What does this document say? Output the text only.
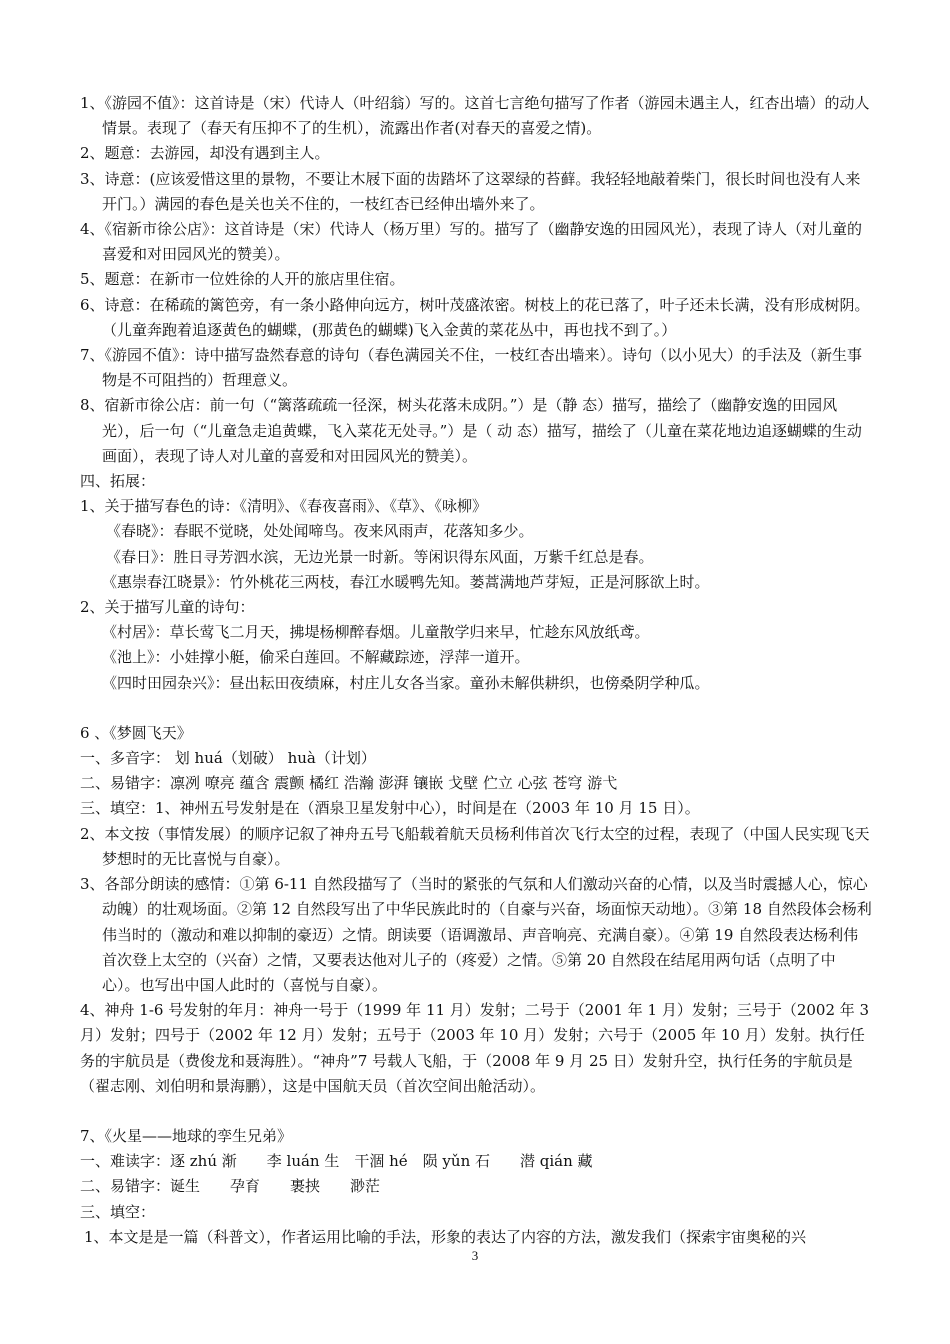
1、《游园不值》：这首诗是（宋）代诗人（叶绍翁）写的。这首七言绝句描写了作者（游园未遇主人，红杏出墙）的动人情景。表现了（春天有压抑不了的生机），流露出作者(对春天的喜爱之情)。

2、题意：去游园，却没有遇到主人。

3、诗意：(应该爱惜这里的景物，不要让木屐下面的齿踏坏了这翠绿的苔藓。我轻轻地敲着柴门，很长时间也没有人来开门。）满园的春色是关也关不住的，一枝红杏已经伸出墙外来了。

4、《宿新市徐公店》：这首诗是（宋）代诗人（杨万里）写的。描写了（幽静安逸的田园风光），表现了诗人（对儿童的喜爱和对田园风光的赞美）。

5、题意：在新市一位姓徐的人开的旅店里住宿。

6、诗意：在稀疏的篱笆旁，有一条小路伸向远方，树叶茂盛浓密。树枝上的花已落了，叶子还未长满，没有形成树阴。（儿童奔跑着追逐黄色的蝴蝶，(那黄色的蝴蝶)飞入金黄的菜花丛中，再也找不到了。）

7、《游园不值》：诗中描写盎然春意的诗句（春色满园关不住，一枝红杏出墙来）。诗句（以小见大）的手法及（新生事物是不可阻挡的）哲理意义。

8、宿新市徐公店：前一句（“篱落疏疏一径深，树头花落未成阴。”）是（静 态）描写，描绘了（幽静安逸的田园风光），后一句（“儿童急走追黄蝶，飞入菜花无处寻。”）是（ 动 态）描写，描绘了（儿童在菜花地边追逐蝴蝶的生动画面），表现了诗人对儿童的喜爱和对田园风光的赞美）。

四、拓展：

1、关于描写春色的诗：《清明》、《春夜喜雨》、《草》、《咏柳》

《春晓》：春眠不觉晓，处处闻啼鸟。夜来风雨声，花落知多少。

《春日》：胜日寻芳泗水滨，无边光景一时新。等闲识得东风面，万紫千红总是春。

《惠崇春江晓景》：竹外桃花三两枝，春江水暖鸭先知。蒌蒿满地芦芽短，正是河豚欲上时。

2、关于描写儿童的诗句：

《村居》：草长莺飞二月天，拂堤杨柳醉春烟。儿童散学归来早，忙趁东风放纸鸢。

《池上》：小娃撑小艇，偷采白莲回。不解藏踪迹，浮萍一道开。

《四时田园杂兴》：昼出耘田夜绩麻，村庄儿女各当家。童孙未解供耕织，也傍桑阴学种瓜。

6 、《梦圆飞天》

一、多音字： 划 huá（划破） huà（计划）

二、易错字：凛冽 嘹亮 蕴含 震颤 橘红 浩瀚 澎湃 镶嵌 戈壁 伫立 心弦 苍穹 游弋

三、填空：1、神州五号发射是在（酒泉卫星发射中心），时间是在（2003 年 10 月 15 日）。

2、本文按（事情发展）的顺序记叙了神舟五号飞船载着航天员杨利伟首次飞行太空的过程，表现了（中国人民实现飞天梦想时的无比喜悦与自豪）。

3、各部分朗读的感情：①第 6-11 自然段描写了（当时的紧张的气氛和人们激动兴奋的心情，以及当时震撼人心，惊心动魄）的壮观场面。②第 12 自然段写出了中华民族此时的（自豪与兴奋，场面惊天动地）。③第 18 自然段体会杨利伟当时的（激动和难以抑制的豪迈）之情。朗读要（语调激昂、声音响亮、充满自豪）。④第 19 自然段表达杨利伟首次登上太空的（兴奋）之情，又要表达他对儿子的（疼爱）之情。⑤第 20 自然段在结尾用两句话（点明了中心）。也写出中国人此时的（喜悦与自豪）。

4、神舟 1-6 号发射的年月：神舟一号于（1999 年 11 月）发射；二号于（2001 年 1 月）发射；三号于（2002 年 3 月）发射；四号于（2002 年 12 月）发射；五号于（2003 年 10 月）发射；六号于（2005 年 10 月）发射。执行任务的宇航员是（费俊龙和聂海胜）。“神舟”7 号载人飞船，于（2008 年 9 月 25 日）发射升空，执行任务的宇航员是（翟志刚、刘伯明和景海鹏），这是中国航天员（首次空间出舱活动）。

7、《火星——地球的孪生兄弟》

一、难读字：逐 zhú 渐　　李 luán 生　干涸 hé　陨 yǔn 石　　潜 qián 藏

二、易错字：诞生　　孕育　　裹挟　　渺茫

三、填空：

1、本文是是一篇（科普文），作者运用比喻的手法，形象的表达了内容的方法，激发我们（探索宇宙奥秘的兴

3
